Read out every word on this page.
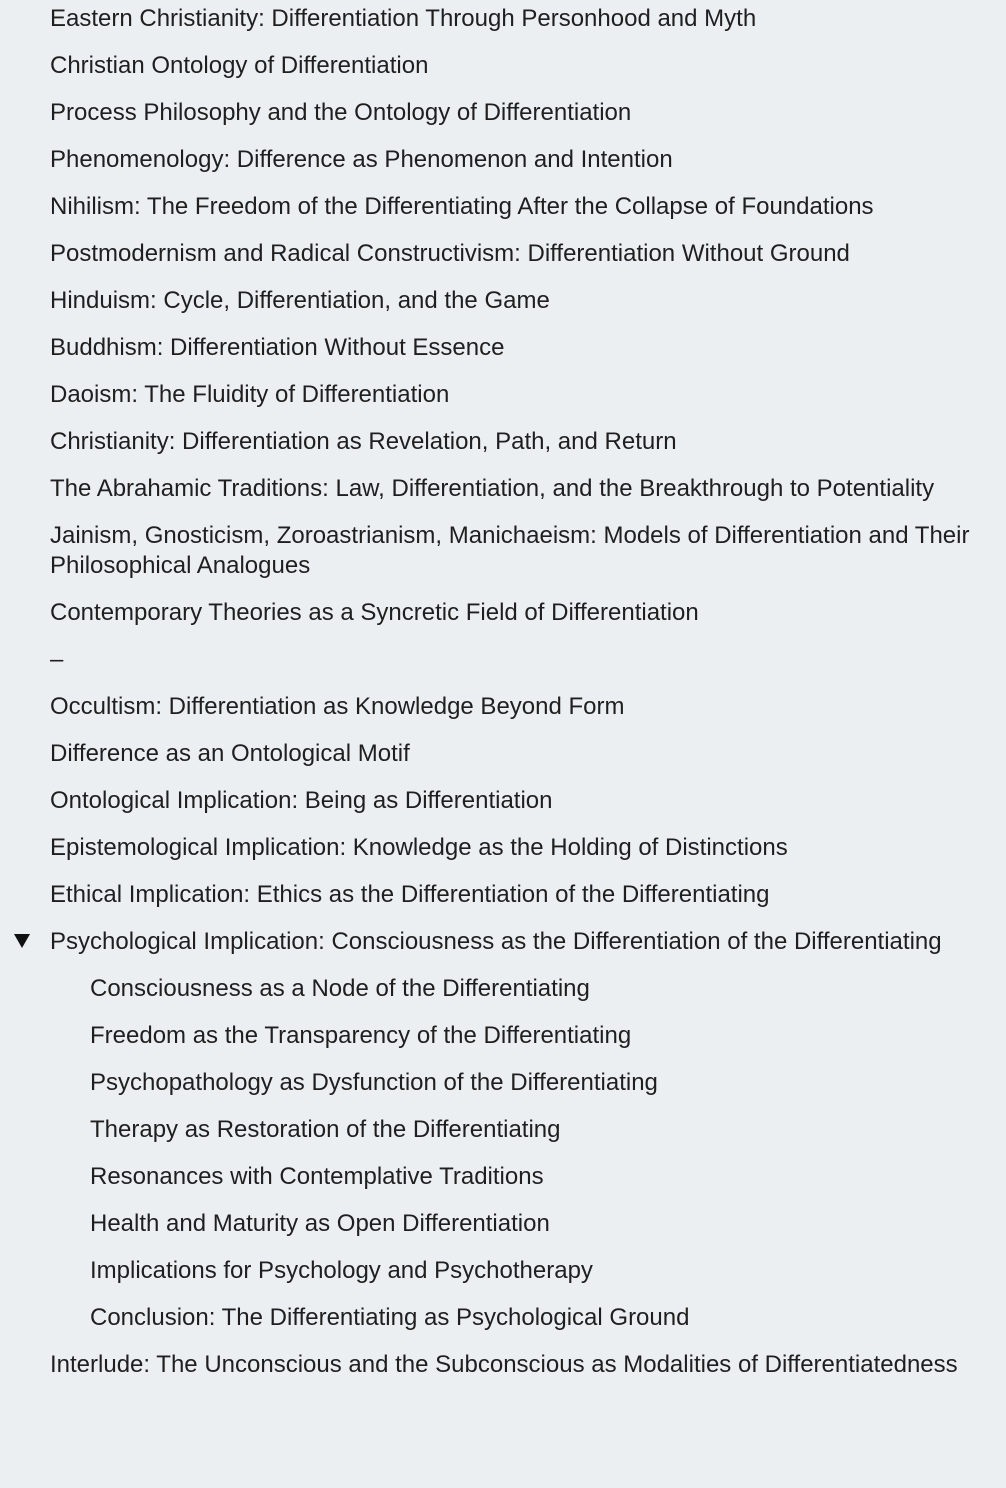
Eastern Christianity: Differentiation Through Personhood and Myth
Christian Ontology of Differentiation
Process Philosophy and the Ontology of Differentiation
Phenomenology: Difference as Phenomenon and Intention
Nihilism: The Freedom of the Differentiating After the Collapse of Foundations
Postmodernism and Radical Constructivism: Differentiation Without Ground
Hinduism: Cycle, Differentiation, and the Game
Buddhism: Differentiation Without Essence
Daoism: The Fluidity of Differentiation
Christianity: Differentiation as Revelation, Path, and Return
The Abrahamic Traditions: Law, Differentiation, and the Breakthrough to Potentiality
Jainism, Gnosticism, Zoroastrianism, Manichaeism: Models of Differentiation and Their Philosophical Analogues
Contemporary Theories as a Syncretic Field of Differentiation
–
Occultism: Differentiation as Knowledge Beyond Form
Difference as an Ontological Motif
Ontological Implication: Being as Differentiation
Epistemological Implication: Knowledge as the Holding of Distinctions
Ethical Implication: Ethics as the Differentiation of the Differentiating
Psychological Implication: Consciousness as the Differentiation of the Differentiating
Consciousness as a Node of the Differentiating
Freedom as the Transparency of the Differentiating
Psychopathology as Dysfunction of the Differentiating
Therapy as Restoration of the Differentiating
Resonances with Contemplative Traditions
Health and Maturity as Open Differentiation
Implications for Psychology and Psychotherapy
Conclusion: The Differentiating as Psychological Ground
Interlude: The Unconscious and the Subconscious as Modalities of Differentiatedness
